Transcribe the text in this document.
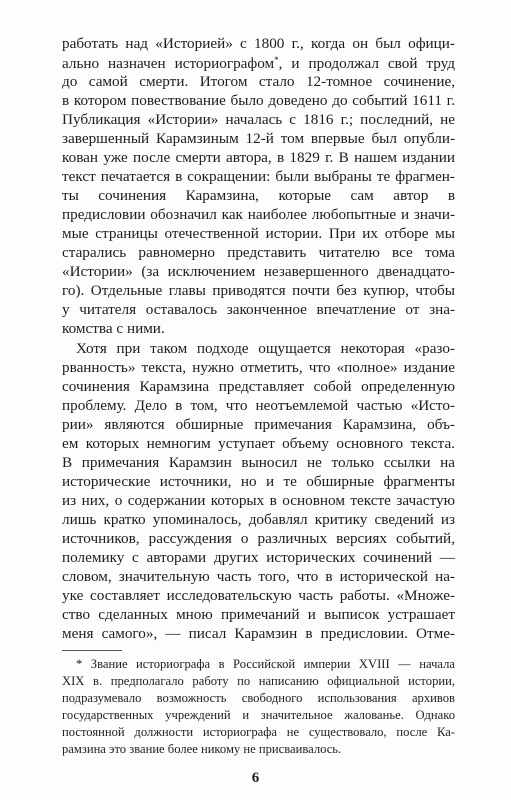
работать над «Историей» с 1800 г., когда он был офици-

ально назначен историографом*, и продолжал свой труд

до самой смерти. Итогом стало 12-томное сочинение,

в котором повествование было доведено до событий 1611 г.

Публикация «Истории» началась с 1816 г.; последний, не

завершенный Карамзиным 12-й том впервые был опубли-

кован уже после смерти автора, в 1829 г. В нашем издании

текст печатается в сокращении: были выбраны те фрагмен-

ты сочинения Карамзина, которые сам автор в

предисловии обозначил как наиболее любопытные и значи-

мые страницы отечественной истории. При их отборе мы

старались равномерно представить читателю все тома

«Истории» (за исключением незавершенного двенадцато-

го). Отдельные главы приводятся почти без купюр, чтобы

у читателя оставалось законченное впечатление от зна-

комства с ними.

Хотя при таком подходе ощущается некоторая «разо-

рванность» текста, нужно отметить, что «полное» издание

сочинения Карамзина представляет собой определенную

проблему. Дело в том, что неотъемлемой частью «Исто-

рии» являются обширные примечания Карамзина, объ-

ем которых немногим уступает объему основного текста.

В примечания Карамзин выносил не только ссылки на

исторические источники, но и те обширные фрагменты

из них, о содержании которых в основном тексте зачастую

лишь кратко упоминалось, добавлял критику сведений из

источников, рассуждения о различных версиях событий,

полемику с авторами других исторических сочинений —

словом, значительную часть того, что в исторической на-

уке составляет исследовательскую часть работы. «Множе-

ство сделанных мною примечаний и выписок устрашает

меня самого», — писал Карамзин в предисловии. Отме-

* Звание историографа в Российской империи XVIII — начала

XIX в. предполагало работу по написанию официальной истории,

подразумевало возможность свободного использования архивов

государственных учреждений и значительное жалованье. Однако

постоянной должности историографа не существовало, после Ка-

рамзина это звание более никому не присваивалось.

6
